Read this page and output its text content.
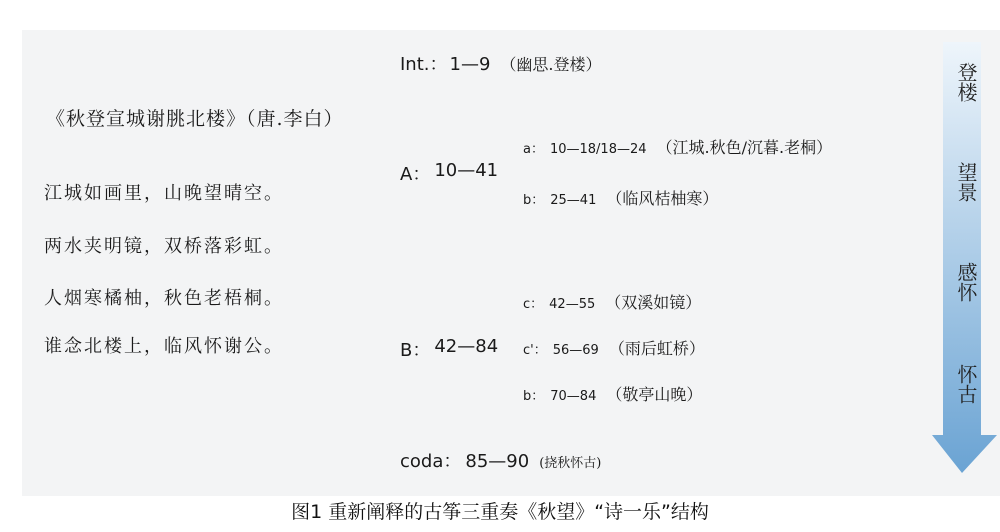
《秋登宣城谢朓北楼》（唐.李白）
江城如画里，山晚望晴空。
两水夹明镜，双桥落彩虹。
人烟寒橘柚，秋色老梧桐。
谁念北楼上，临风怀谢公。
Int.： 1—9 （幽思.登楼）
A： 10—41
a： 10—18/18—24 （江城.秋色/沉暮.老桐）
b： 25—41 （临风桔柚寒）
B： 42—84
c： 42—55 （双溪如镜）
c'： 56—69 （雨后虹桥）
b： 70—84 （敬亭山晚）
coda： 85—90 (挠秋怀古)
登楼
望景
感怀
怀古
图1 重新阐释的古筝三重奏《秋望》“诗一乐”结构
